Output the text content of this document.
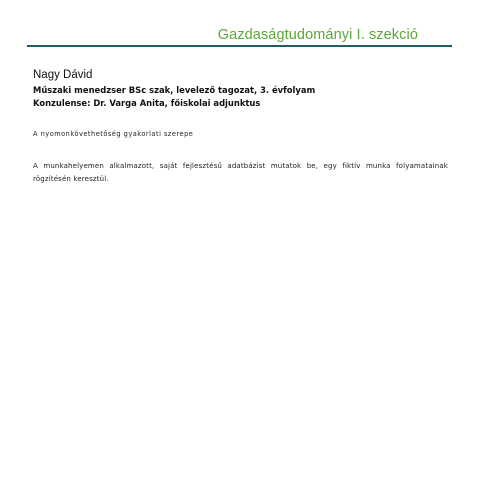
Gazdaságtudományi I. szekció
Nagy Dávid
Műszaki menedzser BSc szak, levelező tagozat, 3. évfolyam
Konzulense: Dr. Varga Anita, főiskolai adjunktus
A nyomonkövethetőség gyakorlati szerepe
A munkahelyemen alkalmazott, saját fejlesztésű adatbázist mutatok be, egy fiktív munka folyamatainak rögzítésén keresztül.
